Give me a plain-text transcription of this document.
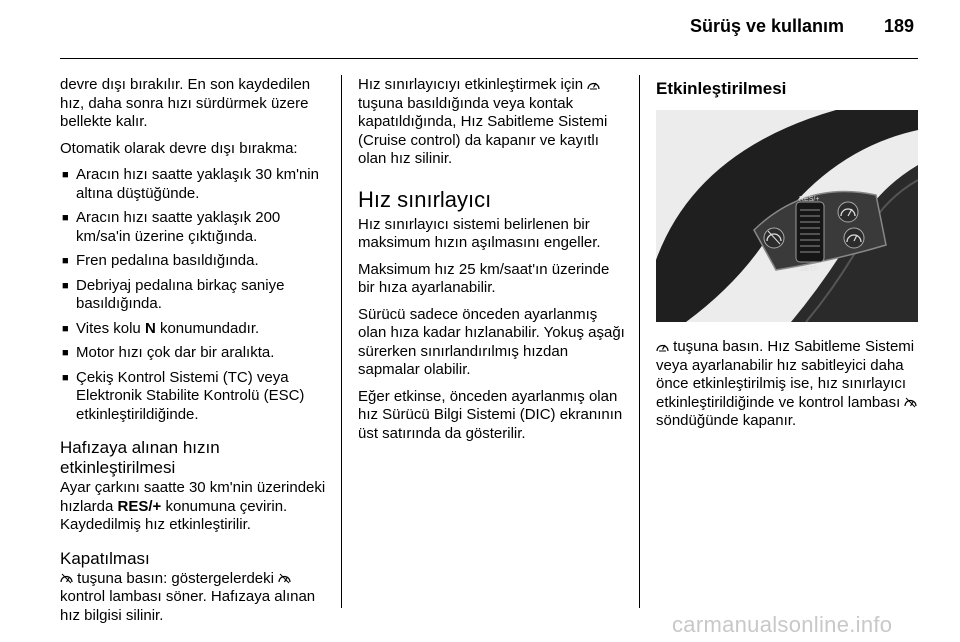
Sürüş ve kullanım 189

devre dışı bırakılır. En son kaydedilen hız, daha sonra hızı sürdürmek üzere bellekte kalır.

Otomatik olarak devre dışı bırakma:

■ Aracın hızı saatte yaklaşık 30 km'nin altına düştüğünde.
■ Aracın hızı saatte yaklaşık 200 km/sa'in üzerine çıktığında.
■ Fren pedalına basıldığında.
■ Debriyaj pedalına birkaç saniye basıldığında.
■ Vites kolu N konumundadır.
■ Motor hızı çok dar bir aralıkta.
■ Çekiş Kontrol Sistemi (TC) veya Elektronik Stabilite Kontrolü (ESC) etkinleştirildiğinde.
Hafızaya alınan hızın etkinleştirilmesi

Ayar çarkını saatte 30 km'nin üzerindeki hızlarda RES/+ konumuna çevirin. Kaydedilmiş hız etkinleştirilir.

Kapatılması

tuşuna basın: göstergelerdeki  kontrol lambası söner. Hafızaya alınan hız bilgisi silinir.

Hız sınırlayıcıyı etkinleştirmek için  tuşuna basıldığında veya kontak kapatıldığında, Hız Sabitleme Sistemi (Cruise control) da kapanır ve kayıtlı olan hız silinir.

Hız sınırlayıcı

Hız sınırlayıcı sistemi belirlenen bir maksimum hızın aşılmasını engeller.

Maksimum hız 25 km/saat'ın üzerinde bir hıza ayarlanabilir.

Sürücü sadece önceden ayarlanmış olan hıza kadar hızlanabilir. Yokuş aşağı sürerken sınırlandırılmış hızdan sapmalar olabilir.

Eğer etkinse, önceden ayarlanmış olan hız Sürücü Bilgi Sistemi (DIC) ekranının üst satırında da gösterilir.

Etkinleştirilmesi
RES/+
SET/-

tuşuna basın. Hız Sabitleme Sistemi veya ayarlanabilir hız sabitleyici daha önce etkinleştirilmiş ise, hız sınırlayıcı etkinleştirildiğinde ve kontrol lambası  söndüğünde kapanır.

carmanualsonline.info
